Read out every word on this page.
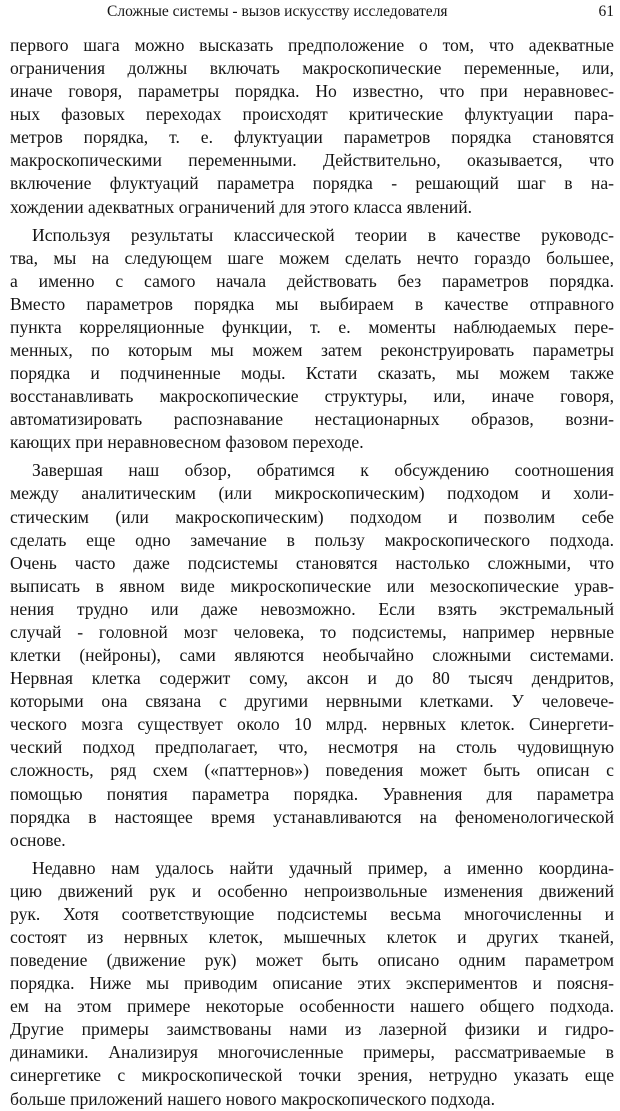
Сложные системы - вызов искусству исследователя	61
первого шага можно высказать предположение о том, что адекватные
ограничения должны включать макроскопические переменные, или,
иначе говоря, параметры порядка. Но известно, что при неравновес-
ных фазовых переходах происходят критические флуктуации пара-
метров порядка, т. е. флуктуации параметров порядка становятся
макроскопическими переменными. Действительно, оказывается, что
включение флуктуаций параметра порядка - решающий шаг в на-
хождении адекватных ограничений для этого класса явлений.
Используя результаты классической теории в качестве руководс-
тва, мы на следующем шаге можем сделать нечто гораздо большее,
а именно с самого начала действовать без параметров порядка.
Вместо параметров порядка мы выбираем в качестве отправного
пункта корреляционные функции, т. е. моменты наблюдаемых пере-
менных, по которым мы можем затем реконструировать параметры
порядка и подчиненные моды. Кстати сказать, мы можем также
восстанавливать макроскопические структуры, или, иначе говоря,
автоматизировать распознавание нестационарных образов, возни-
кающих при неравновесном фазовом переходе.
Завершая наш обзор, обратимся к обсуждению соотношения
между аналитическим (или микроскопическим) подходом и холи-
стическим (или макроскопическим) подходом и позволим себе
сделать еще одно замечание в пользу макроскопического подхода.
Очень часто даже подсистемы становятся настолько сложными, что
выписать в явном виде микроскопические или мезоскопические урав-
нения трудно или даже невозможно. Если взять экстремальный
случай - головной мозг человека, то подсистемы, например нервные
клетки (нейроны), сами являются необычайно сложными системами.
Нервная клетка содержит сому, аксон и до 80 тысяч дендритов,
которыми она связана с другими нервными клетками. У человече-
ческого мозга существует около 10 млрд. нервных клеток. Синергети-
ческий подход предполагает, что, несмотря на столь чудовищную
сложность, ряд схем («паттернов») поведения может быть описан с
помощью понятия параметра порядка. Уравнения для параметра
порядка в настоящее время устанавливаются на феноменологической
основе.
Недавно нам удалось найти удачный пример, а именно координа-
цию движений рук и особенно непроизвольные изменения движений
рук. Хотя соответствующие подсистемы весьма многочисленны и
состоят из нервных клеток, мышечных клеток и других тканей,
поведение (движение рук) может быть описано одним параметром
порядка. Ниже мы приводим описание этих экспериментов и поясня-
ем на этом примере некоторые особенности нашего общего подхода.
Другие примеры заимствованы нами из лазерной физики и гидро-
динамики. Анализируя многочисленные примеры, рассматриваемые в
синергетике с микроскопической точки зрения, нетрудно указать еще
больше приложений нашего нового макроскопического подхода.
